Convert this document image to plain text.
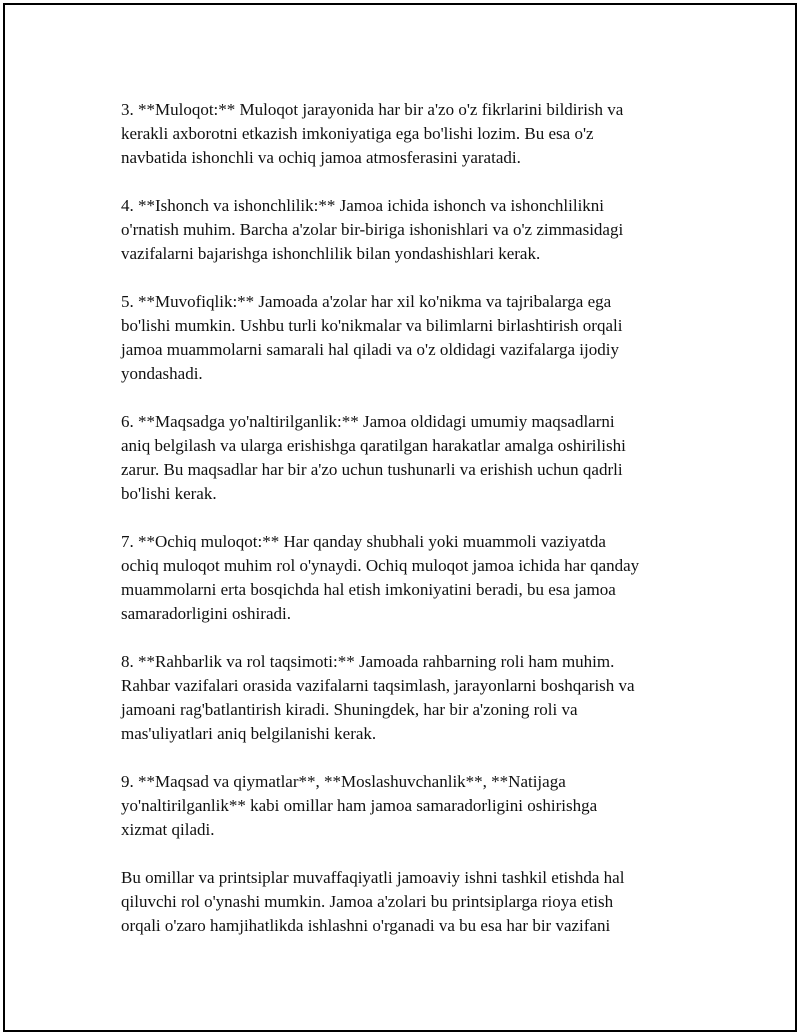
3. **Muloqot:** Muloqot jarayonida har bir a'zo o'z fikrlarini bildirish va
kerakli axborotni etkazish imkoniyatiga ega bo'lishi lozim. Bu esa o'z
navbatida ishonchli va ochiq jamoa atmosferasini yaratadi.

4. **Ishonch va ishonchlilik:** Jamoa ichida ishonch va ishonchlilikni
o'rnatish muhim. Barcha a'zolar bir-biriga ishonishlari va o'z zimmasidagi
vazifalarni bajarishga ishonchlilik bilan yondashishlari kerak.

5. **Muvofiqlik:** Jamoada a'zolar har xil ko'nikma va tajribalarga ega
bo'lishi mumkin. Ushbu turli ko'nikmalar va bilimlarni birlashtirish orqali
jamoa muammolarni samarali hal qiladi va o'z oldidagi vazifalarga ijodiy
yondashadi.

6. **Maqsadga yo'naltirilganlik:** Jamoa oldidagi umumiy maqsadlarni
aniq belgilash va ularga erishishga qaratilgan harakatlar amalga oshirilishi
zarur. Bu maqsadlar har bir a'zo uchun tushunarli va erishish uchun qadrli
bo'lishi kerak.

7. **Ochiq muloqot:** Har qanday shubhali yoki muammoli vaziyatda
ochiq muloqot muhim rol o'ynaydi. Ochiq muloqot jamoa ichida har qanday
muammolarni erta bosqichda hal etish imkoniyatini beradi, bu esa jamoa
samaradorligini oshiradi.

8. **Rahbarlik va rol taqsimoti:** Jamoada rahbarning roli ham muhim.
Rahbar vazifalari orasida vazifalarni taqsimlash, jarayonlarni boshqarish va
jamoani rag'batlantirish kiradi. Shuningdek, har bir a'zoning roli va
mas'uliyatlari aniq belgilanishi kerak.

9. **Maqsad va qiymatlar**, **Moslashuvchanlik**, **Natijaga
yo'naltirilganlik** kabi omillar ham jamoa samaradorligini oshirishga
xizmat qiladi.

Bu omillar va printsiplar muvaffaqiyatli jamoaviy ishni tashkil etishda hal
qiluvchi rol o'ynashi mumkin. Jamoa a'zolari bu printsiplarga rioya etish
orqali o'zaro hamjihatlikda ishlashni o'rganadi va bu esa har bir vazifani
